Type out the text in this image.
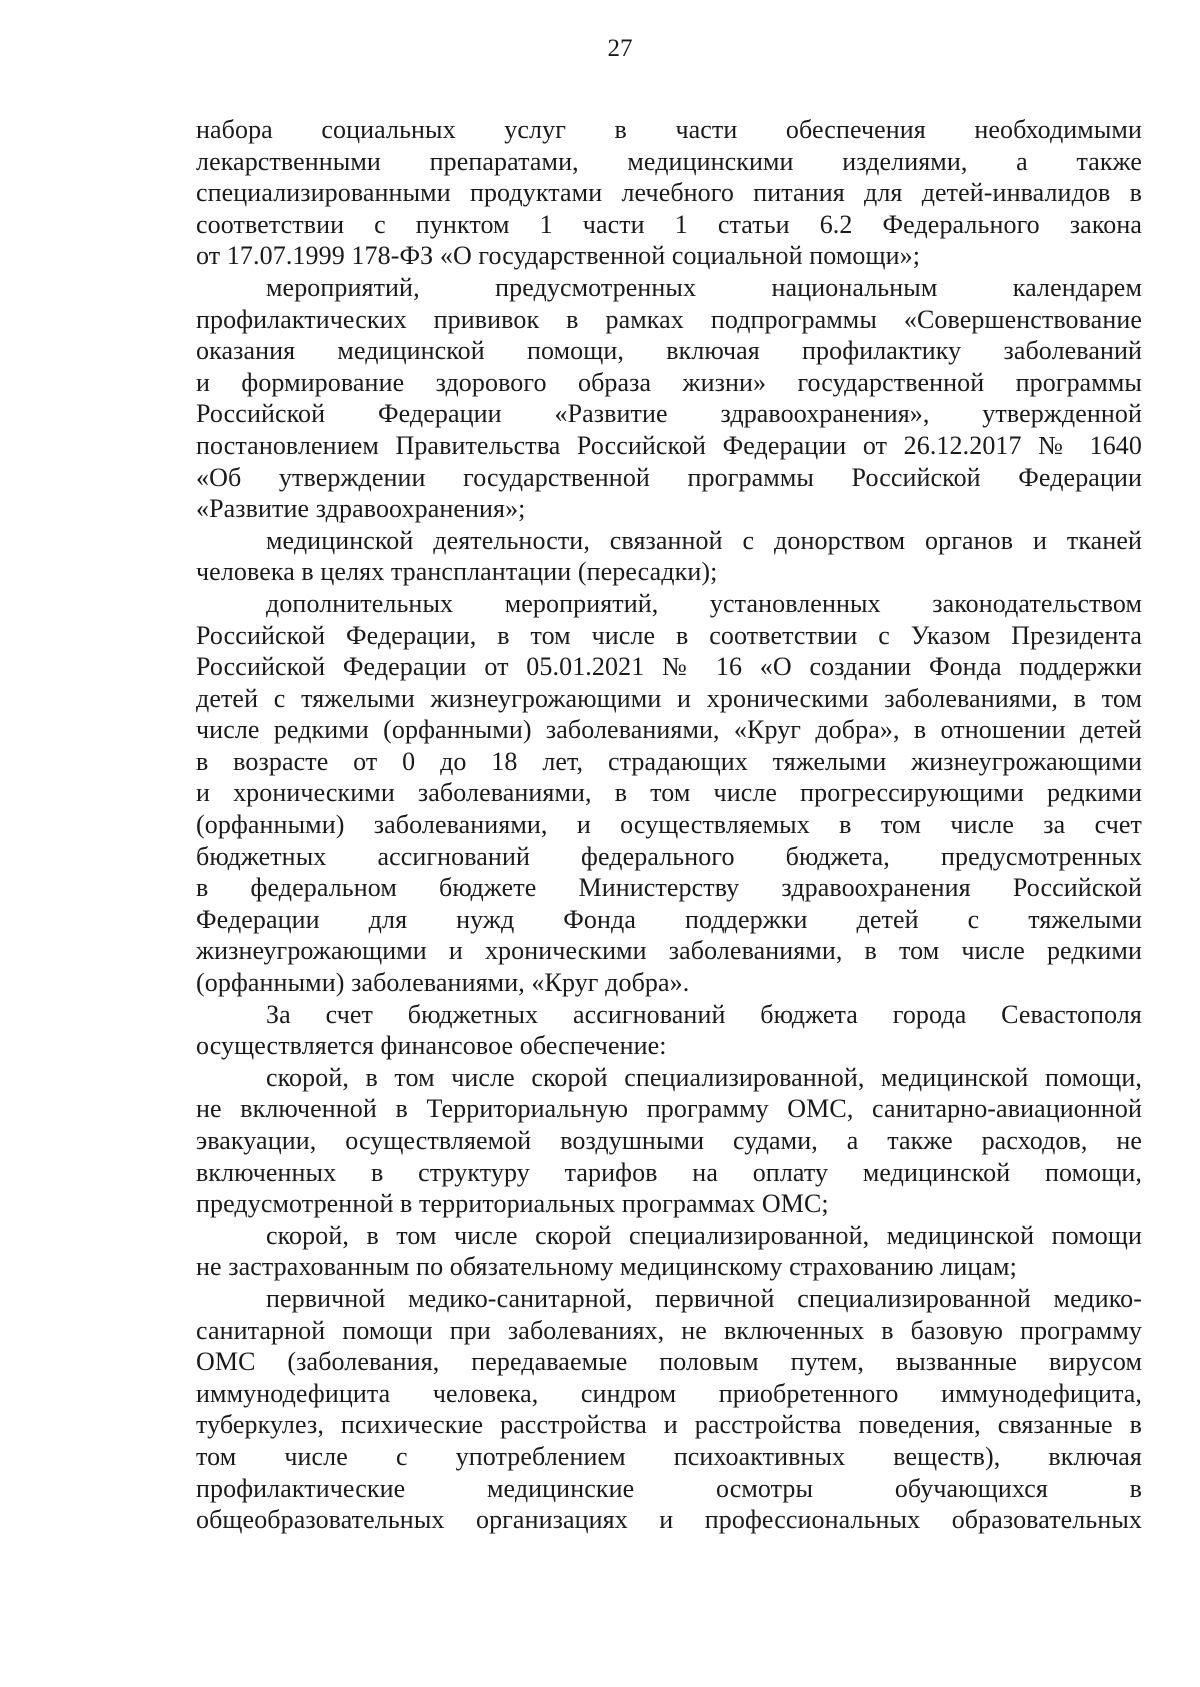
27
набора социальных услуг в части обеспечения необходимыми
лекарственными препаратами, медицинскими изделиями, а также
специализированными продуктами лечебного питания для детей-инвалидов в
соответствии с пунктом 1 части 1 статьи 6.2 Федерального закона
от 17.07.1999 178-ФЗ «О государственной социальной помощи»;
мероприятий, предусмотренных национальным календарем
профилактических прививок в рамках подпрограммы «Совершенствование
оказания медицинской помощи, включая профилактику заболеваний
и формирование здорового образа жизни» государственной программы
Российской Федерации «Развитие здравоохранения», утвержденной
постановлением Правительства Российской Федерации от 26.12.2017 № 1640
«Об утверждении государственной программы Российской Федерации
«Развитие здравоохранения»;
медицинской деятельности, связанной с донорством органов и тканей
человека в целях трансплантации (пересадки);
дополнительных мероприятий, установленных законодательством
Российской Федерации, в том числе в соответствии с Указом Президента
Российской Федерации от 05.01.2021 № 16 «О создании Фонда поддержки
детей с тяжелыми жизнеугрожающими и хроническими заболеваниями, в том
числе редкими (орфанными) заболеваниями, «Круг добра», в отношении детей
в возрасте от 0 до 18 лет, страдающих тяжелыми жизнеугрожающими
и хроническими заболеваниями, в том числе прогрессирующими редкими
(орфанными) заболеваниями, и осуществляемых в том числе за счет
бюджетных ассигнований федерального бюджета, предусмотренных
в федеральном бюджете Министерству здравоохранения Российской
Федерации для нужд Фонда поддержки детей с тяжелыми
жизнеугрожающими и хроническими заболеваниями, в том числе редкими
(орфанными) заболеваниями, «Круг добра».
За счет бюджетных ассигнований бюджета города Севастополя
осуществляется финансовое обеспечение:
скорой, в том числе скорой специализированной, медицинской помощи,
не включенной в Территориальную программу ОМС, санитарно-авиационной
эвакуации, осуществляемой воздушными судами, а также расходов, не
включенных в структуру тарифов на оплату медицинской помощи,
предусмотренной в территориальных программах ОМС;
скорой, в том числе скорой специализированной, медицинской помощи
не застрахованным по обязательному медицинскому страхованию лицам;
первичной медико-санитарной, первичной специализированной медико-
санитарной помощи при заболеваниях, не включенных в базовую программу
ОМС (заболевания, передаваемые половым путем, вызванные вирусом
иммунодефицита человека, синдром приобретенного иммунодефицита,
туберкулез, психические расстройства и расстройства поведения, связанные в
том числе с употреблением психоактивных веществ), включая
профилактические медицинские осмотры обучающихся в
общеобразовательных организациях и профессиональных образовательных
